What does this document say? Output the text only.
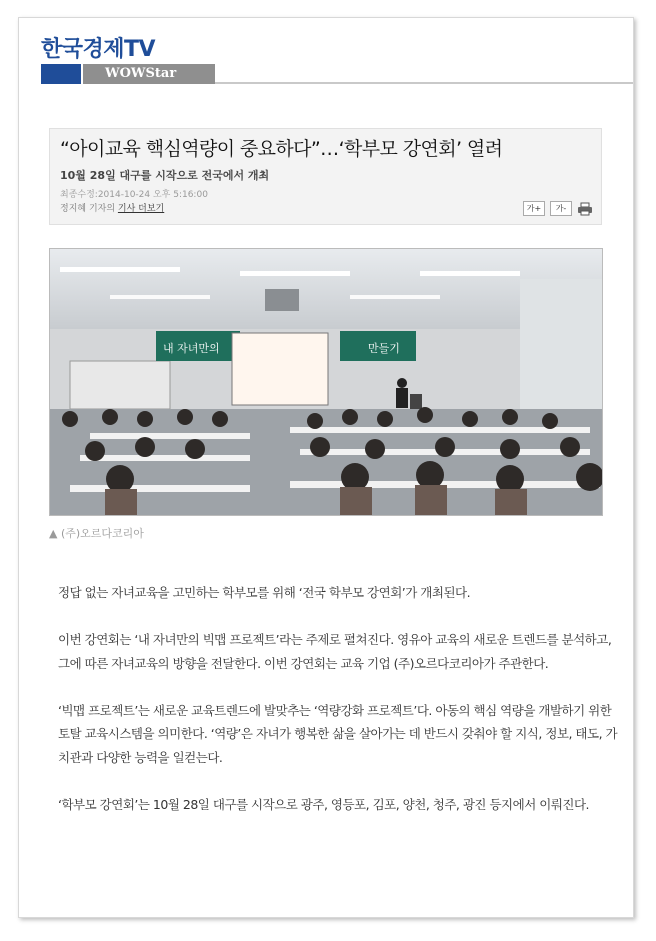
한국경제TV
WOWStar
“아이교육 핵심역량이 중요하다”…‘학부모 강연회’ 열려
10월 28일 대구를 시작으로 전국에서 개최
최종수정:2014-10-24 오후 5:16:00
정지혜 기자의 기사 더보기	가+	가-
내 자녀만의	만들기
▲ (주)오르다코리아

정답 없는 자녀교육을 고민하는 학부모를 위해 ‘전국 학부모 강연회’가 개최된다.

이번 강연회는 ‘내 자녀만의 빅맵 프로젝트’라는 주제로 펼쳐진다. 영유아 교육의 새로운 트렌드를 분석하고, 그에 따른 자녀교육의 방향을 전달한다. 이번 강연회는 교육 기업 (주)오르다코리아가 주관한다.

‘빅맵 프로젝트’는 새로운 교육트렌드에 발맞추는 ‘역량강화 프로젝트’다. 아동의 핵심 역량을 개발하기 위한 토탈 교육시스템을 의미한다. ‘역량’은 자녀가 행복한 삶을 살아가는 데 반드시 갖춰야 할 지식, 정보, 태도, 가치관과 다양한 능력을 일컫는다.

‘학부모 강연회’는 10월 28일 대구를 시작으로 광주, 영등포, 김포, 양천, 청주, 광진 등지에서 이뤄진다.
